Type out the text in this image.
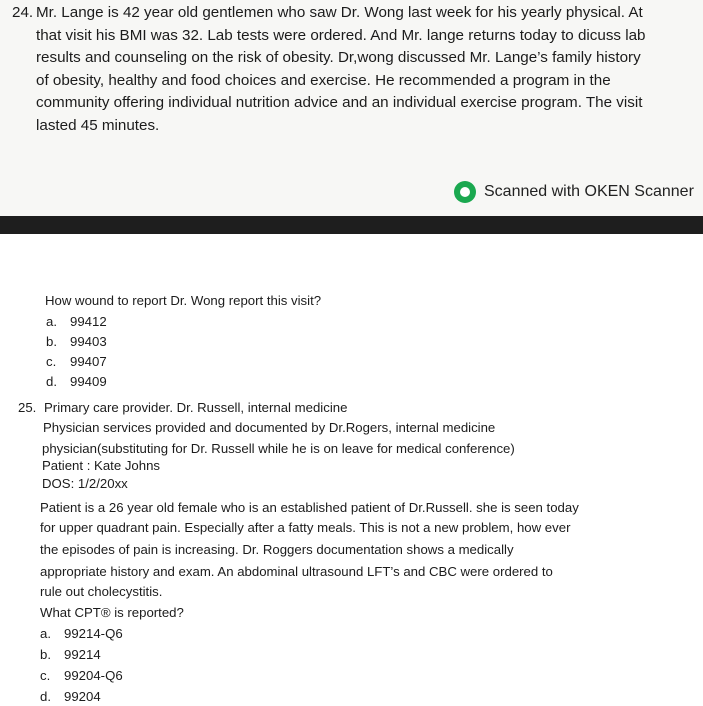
24. Mr. Lange is 42 year old gentlemen who saw Dr. Wong last week for his yearly physical. At
that visit his BMI was 32. Lab tests were ordered. And Mr. lange returns today to dicuss lab
results and counseling on the risk of obesity. Dr,wong discussed Mr. Lange’s family history
of obesity, healthy and food choices and exercise. He recommended a program in the
community offering individual nutrition advice and an individual exercise program. The visit
lasted 45 minutes.
Scanned with OKEN Scanner
How wound to report Dr. Wong report this visit?
a. 99412
b. 99403
c. 99407
d. 99409
25. Primary care provider. Dr. Russell, internal medicine
Physician services provided and documented by Dr.Rogers, internal medicine
physician(substituting for Dr. Russell while he is on leave for medical conference)
Patient : Kate Johns
DOS: 1/2/20xx
Patient is a 26 year old female who is an established patient of Dr.Russell. she is seen today
for upper quadrant pain. Especially after a fatty meals. This is not a new problem, how ever
the episodes of pain is increasing. Dr. Roggers documentation shows a medically
appropriate history and exam. An abdominal ultrasound LFT’s and CBC were ordered to
rule out cholecystitis.
What CPT® is reported?
a. 99214-Q6
b. 99214
c. 99204-Q6
d. 99204
